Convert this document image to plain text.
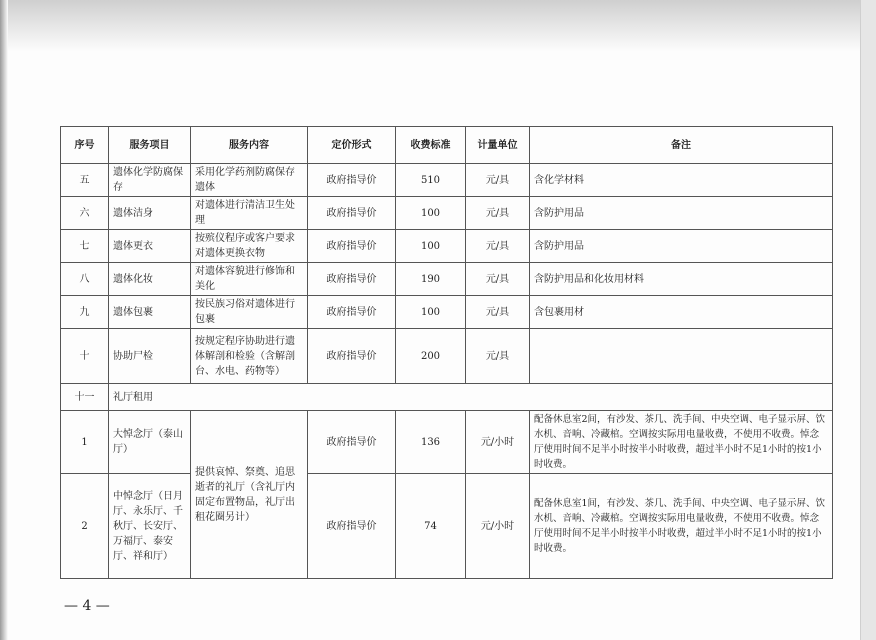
序号	服务项目	服务内容	定价形式	收费标准	计量单位	备注
五	遗体化学防腐保存	采用化学药剂防腐保存遗体	政府指导价	510	元/具	含化学材料
六	遗体洁身	对遗体进行清洁卫生处理	政府指导价	100	元/具	含防护用品
七	遗体更衣	按殡仪程序或客户要求对遗体更换衣物	政府指导价	100	元/具	含防护用品
八	遗体化妆	对遗体容貌进行修饰和美化	政府指导价	190	元/具	含防护用品和化妆用材料
九	遗体包裹	按民族习俗对遗体进行包裹	政府指导价	100	元/具	含包裹用材
十	协助尸检	按规定程序协助进行遗体解剖和检验（含解剖台、水电、药物等）	政府指导价	200	元/具	
十一	礼厅租用					
1	大悼念厅（泰山厅）	提供哀悼、祭奠、追思逝者的礼厅（含礼厅内固定布置物品，礼厅出租花圈另计）	政府指导价	136	元/小时	配备休息室2间，有沙发、茶几、洗手间、中央空调、电子显示屏、饮水机、音响、冷藏棺。空调按实际用电量收费，不使用不收费。悼念厅使用时间不足半小时按半小时收费，超过半小时不足1小时的按1小时收费。
2	中悼念厅（日月厅、永乐厅、千秋厅、长安厅、万福厅、泰安厅、祥和厅）		政府指导价	74	元/小时	配备休息室1间，有沙发、茶几、洗手间、中央空调、电子显示屏、饮水机、音响、冷藏棺。空调按实际用电量收费，不使用不收费。悼念厅使用时间不足半小时按半小时收费，超过半小时不足1小时的按1小时收费。
— 4 —
